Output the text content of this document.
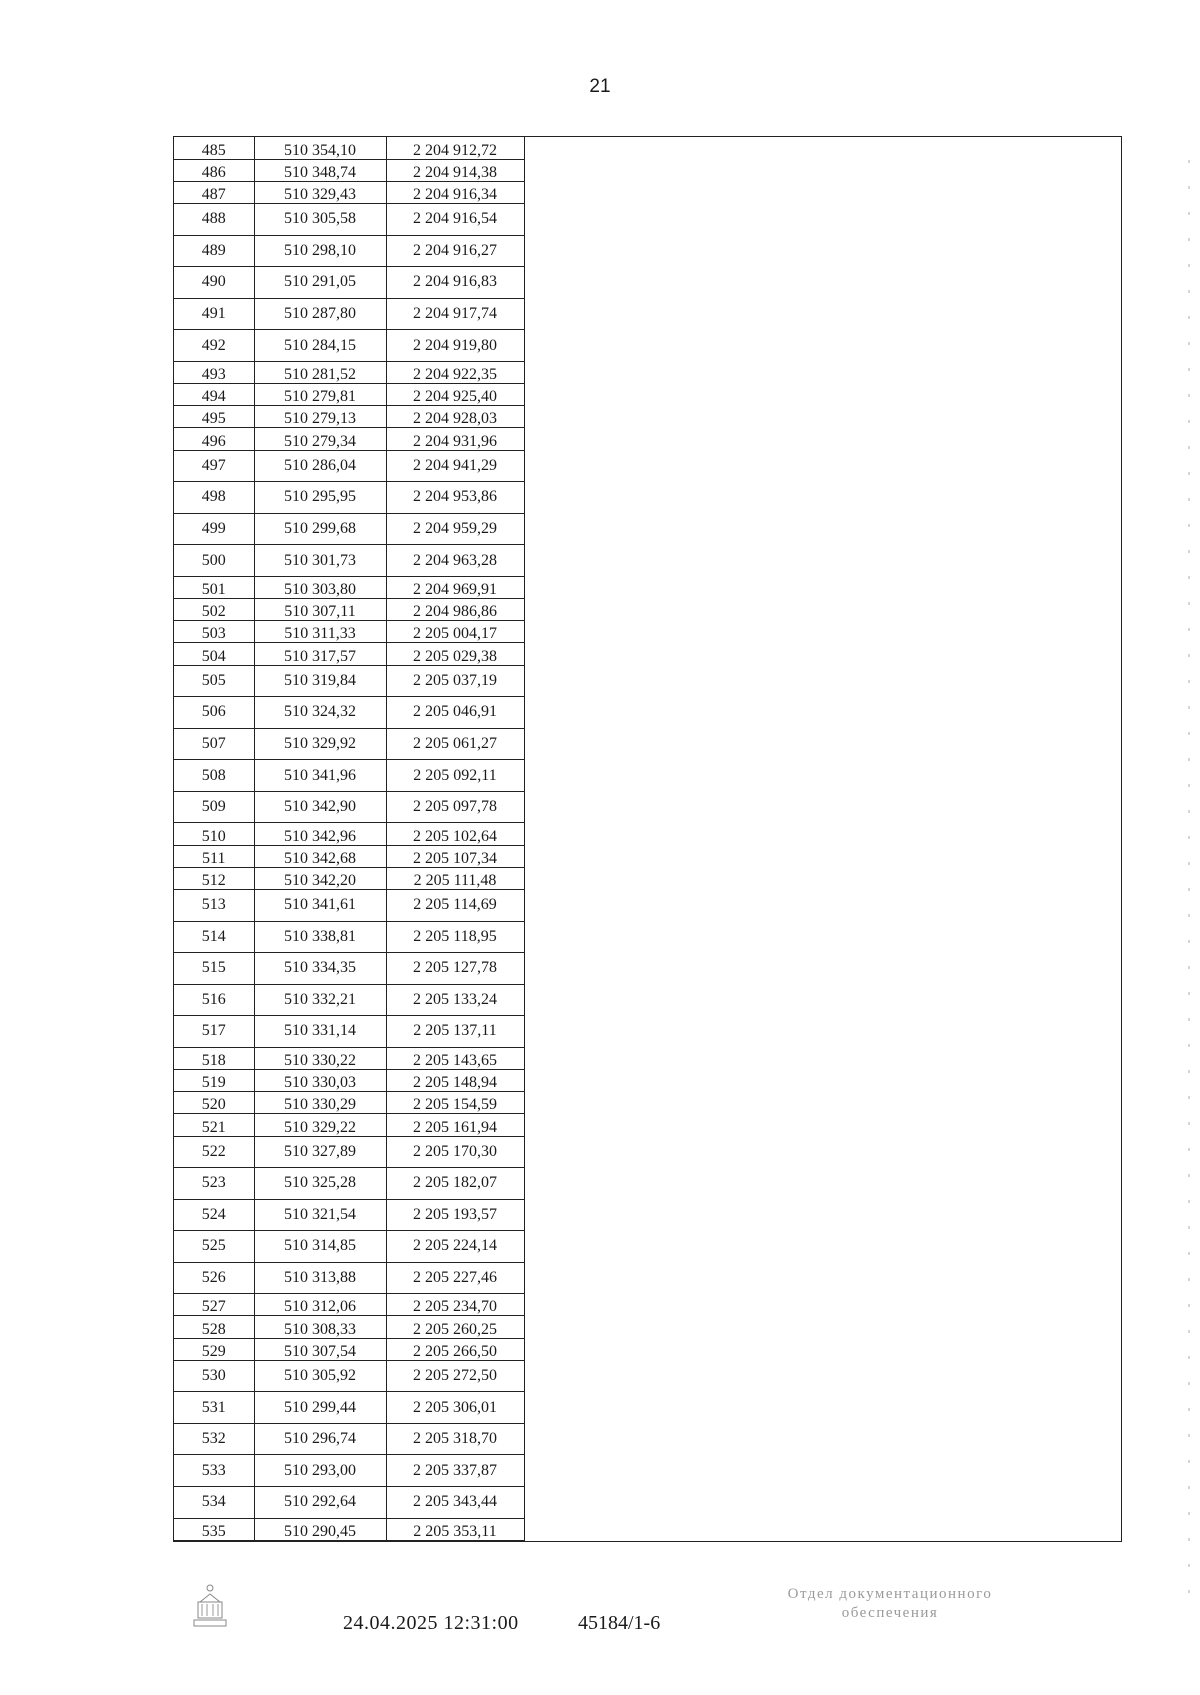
21
485	510 354,10	2 204 912,72
486	510 348,74	2 204 914,38
487	510 329,43	2 204 916,34
488	510 305,58	2 204 916,54
489	510 298,10	2 204 916,27
490	510 291,05	2 204 916,83
491	510 287,80	2 204 917,74
492	510 284,15	2 204 919,80
493	510 281,52	2 204 922,35
494	510 279,81	2 204 925,40
495	510 279,13	2 204 928,03
496	510 279,34	2 204 931,96
497	510 286,04	2 204 941,29
498	510 295,95	2 204 953,86
499	510 299,68	2 204 959,29
500	510 301,73	2 204 963,28
501	510 303,80	2 204 969,91
502	510 307,11	2 204 986,86
503	510 311,33	2 205 004,17
504	510 317,57	2 205 029,38
505	510 319,84	2 205 037,19
506	510 324,32	2 205 046,91
507	510 329,92	2 205 061,27
508	510 341,96	2 205 092,11
509	510 342,90	2 205 097,78
510	510 342,96	2 205 102,64
511	510 342,68	2 205 107,34
512	510 342,20	2 205 111,48
513	510 341,61	2 205 114,69
514	510 338,81	2 205 118,95
515	510 334,35	2 205 127,78
516	510 332,21	2 205 133,24
517	510 331,14	2 205 137,11
518	510 330,22	2 205 143,65
519	510 330,03	2 205 148,94
520	510 330,29	2 205 154,59
521	510 329,22	2 205 161,94
522	510 327,89	2 205 170,30
523	510 325,28	2 205 182,07
524	510 321,54	2 205 193,57
525	510 314,85	2 205 224,14
526	510 313,88	2 205 227,46
527	510 312,06	2 205 234,70
528	510 308,33	2 205 260,25
529	510 307,54	2 205 266,50
530	510 305,92	2 205 272,50
531	510 299,44	2 205 306,01
532	510 296,74	2 205 318,70
533	510 293,00	2 205 337,87
534	510 292,64	2 205 343,44
535	510 290,45	2 205 353,11
24.04.2025 12:31:00	45184/1-6
Отдел документационного
обеспечения
